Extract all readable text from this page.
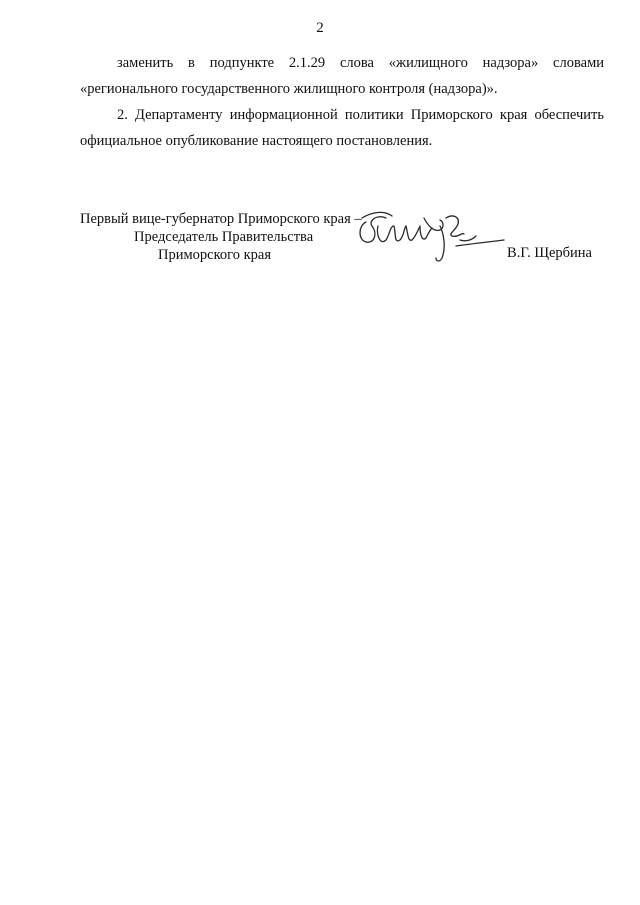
2

заменить в подпункте 2.1.29 слова «жилищного надзора» словами «регионального государственного жилищного контроля (надзора)».

2. Департаменту информационной политики Приморского края обеспечить официальное опубликование настоящего постановления.

Первый вице-губернатор Приморского края –
Председатель Правительства
Приморского края	В.Г. Щербина
